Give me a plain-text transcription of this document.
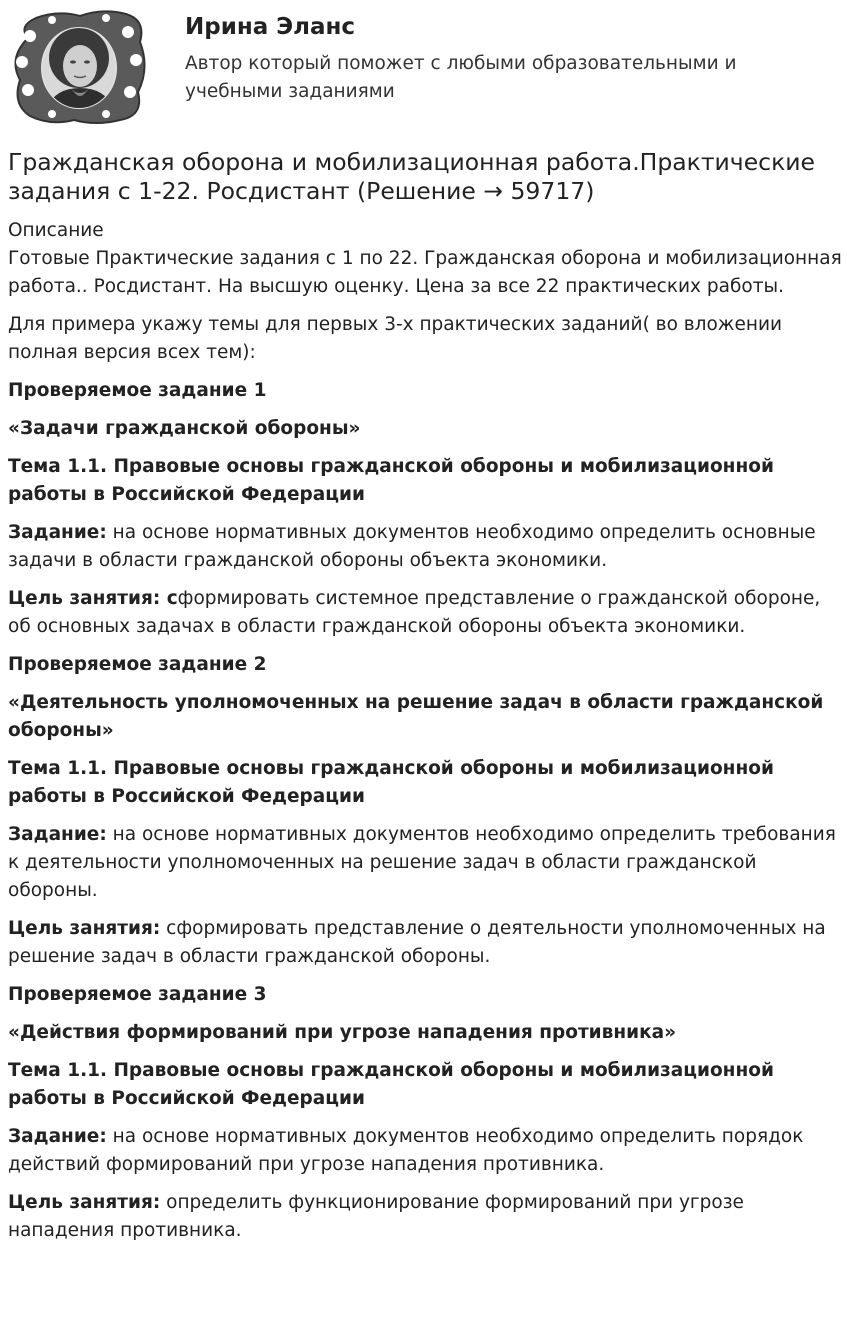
Ирина Эланс
Автор который поможет с любыми образовательными и учебными заданиями
Гражданская оборона и мобилизационная работа.Практические задания с 1-22. Росдистант (Решение → 59717)

Описание
Готовые Практические задания с 1 по 22. Гражданская оборона и мобилизационная работа.. Росдистант. На высшую оценку. Цена за все 22 практических работы.

Для примера укажу темы для первых 3-х практических заданий( во вложении полная версия всех тем):

Проверяемое задание 1

«Задачи гражданской обороны»

Тема 1.1. Правовые основы гражданской обороны и мобилизационной работы в Российской Федерации

Задание: на основе нормативных документов необходимо определить основные задачи в области гражданской обороны объекта экономики.

Цель занятия: сформировать системное представление о гражданской обороне, об основных задачах в области гражданской обороны объекта экономики.

Проверяемое задание 2

«Деятельность уполномоченных на решение задач в области гражданской обороны»

Тема 1.1. Правовые основы гражданской обороны и мобилизационной работы в Российской Федерации

Задание: на основе нормативных документов необходимо определить требования к деятельности уполномоченных на решение задач в области гражданской обороны.

Цель занятия: сформировать представление о деятельности уполномоченных на решение задач в области гражданской обороны.

Проверяемое задание 3

«Действия формирований при угрозе нападения противника»

Тема 1.1. Правовые основы гражданской обороны и мобилизационной работы в Российской Федерации

Задание: на основе нормативных документов необходимо определить порядок действий формирований при угрозе нападения противника.

Цель занятия: определить функционирование формирований при угрозе нападения противника.
